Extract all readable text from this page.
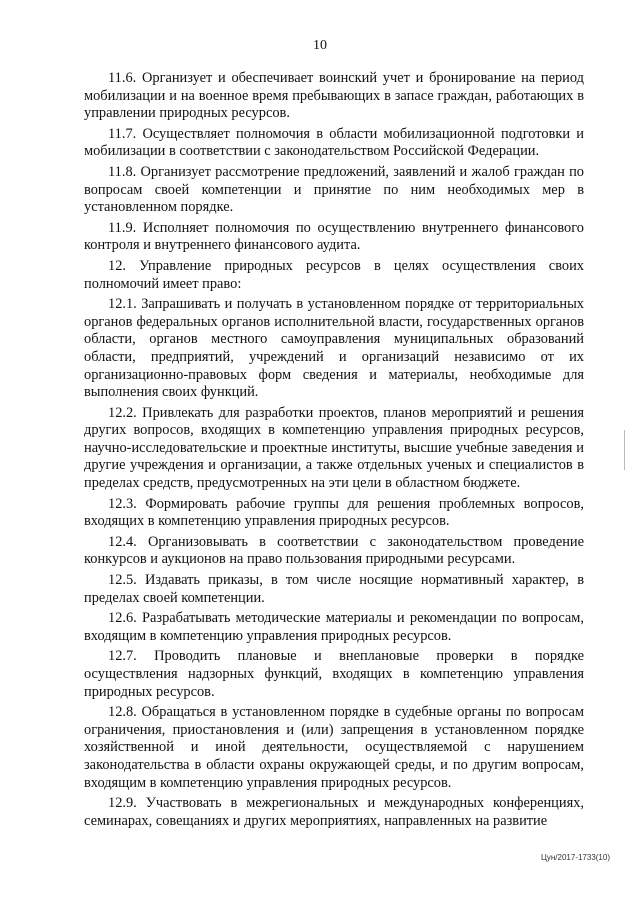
10

11.6. Организует и обеспечивает воинский учет и бронирование на период мобилизации и на военное время пребывающих в запасе граждан, работающих в управлении природных ресурсов.

11.7. Осуществляет полномочия в области мобилизационной подготовки и мобилизации в соответствии с законодательством Российской Федерации.

11.8. Организует рассмотрение предложений, заявлений и жалоб граждан по вопросам своей компетенции и принятие по ним необходимых мер в установленном порядке.

11.9. Исполняет полномочия по осуществлению внутреннего финансового контроля и внутреннего финансового аудита.

12. Управление природных ресурсов в целях осуществления своих полномочий имеет право:

12.1. Запрашивать и получать в установленном порядке от территориальных органов федеральных органов исполнительной власти, государственных органов области, органов местного самоуправления муниципальных образований области, предприятий, учреждений и организаций независимо от их организационно-правовых форм сведения и материалы, необходимые для выполнения своих функций.

12.2. Привлекать для разработки проектов, планов мероприятий и решения других вопросов, входящих в компетенцию управления природных ресурсов, научно-исследовательские и проектные институты, высшие учебные заведения и другие учреждения и организации, а также отдельных ученых и специалистов в пределах средств, предусмотренных на эти цели в областном бюджете.

12.3. Формировать рабочие группы для решения проблемных вопросов, входящих в компетенцию управления природных ресурсов.

12.4. Организовывать в соответствии с законодательством проведение конкурсов и аукционов на право пользования природными ресурсами.

12.5. Издавать приказы, в том числе носящие нормативный характер, в пределах своей компетенции.

12.6. Разрабатывать методические материалы и рекомендации по вопросам, входящим в компетенцию управления природных ресурсов.

12.7. Проводить плановые и внеплановые проверки в порядке осуществления надзорных функций, входящих в компетенцию управления природных ресурсов.

12.8. Обращаться в установленном порядке в судебные органы по вопросам ограничения, приостановления и (или) запрещения в установленном порядке хозяйственной и иной деятельности, осуществляемой с нарушением законодательства в области охраны окружающей среды, и по другим вопросам, входящим в компетенцию управления природных ресурсов.

12.9. Участвовать в межрегиональных и международных конференциях, семинарах, совещаниях и других мероприятиях, направленных на развитие

Цун/2017-1733(10)
